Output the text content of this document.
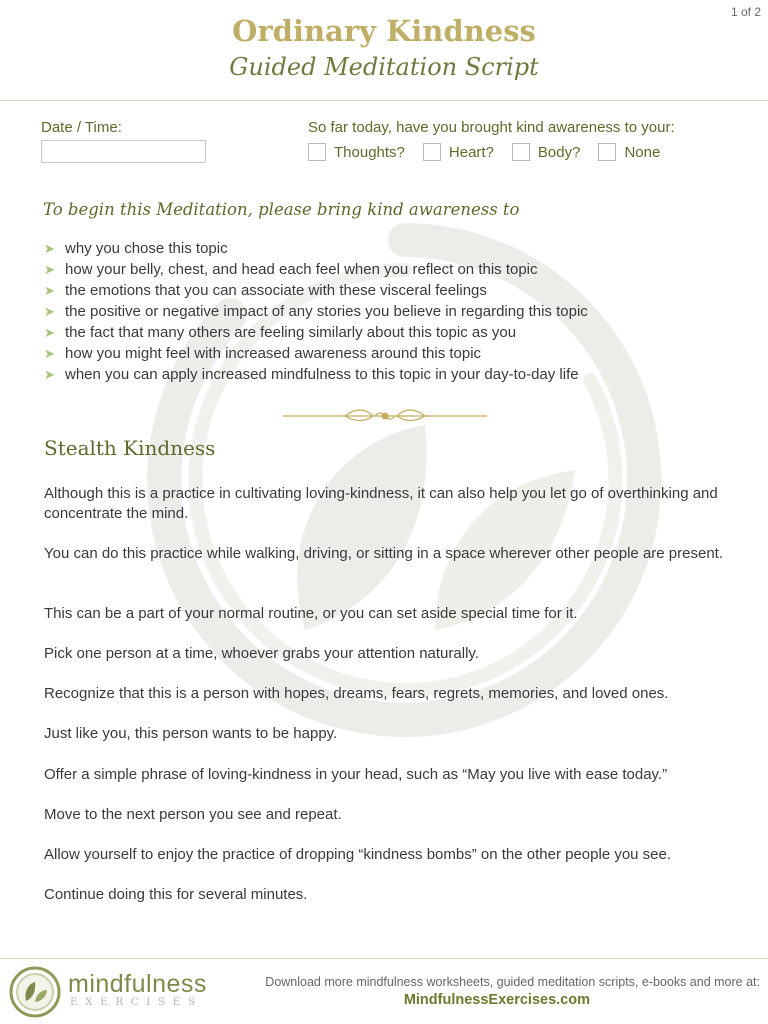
1 of 2
Ordinary Kindness
Guided Meditation Script
Date / Time:	So far today, have you brought kind awareness to your:
Thoughts?	Heart?	Body?	None
To begin this Meditation, please bring kind awareness to
➤ why you chose this topic
➤ how your belly, chest, and head each feel when you reflect on this topic
➤ the emotions that you can associate with these visceral feelings
➤ the positive or negative impact of any stories you believe in regarding this topic
➤ the fact that many others are feeling similarly about this topic as you
➤ how you might feel with increased awareness around this topic
➤ when you can apply increased mindfulness to this topic in your day-to-day life
Stealth Kindness

Although this is a practice in cultivating loving-kindness, it can also help you let go of overthinking and concentrate the mind.

You can do this practice while walking, driving, or sitting in a space wherever other people are present.

This can be a part of your normal routine, or you can set aside special time for it.

Pick one person at a time, whoever grabs your attention naturally.

Recognize that this is a person with hopes, dreams, fears, regrets, memories, and loved ones.

Just like you, this person wants to be happy.

Offer a simple phrase of loving-kindness in your head, such as “May you live with ease today.”

Move to the next person you see and repeat.

Allow yourself to enjoy the practice of dropping “kindness bombs” on the other people you see.

Continue doing this for several minutes.

mindfulness
EXERCISES
Download more mindfulness worksheets, guided meditation scripts, e-books and more at:
MindfulnessExercises.com
